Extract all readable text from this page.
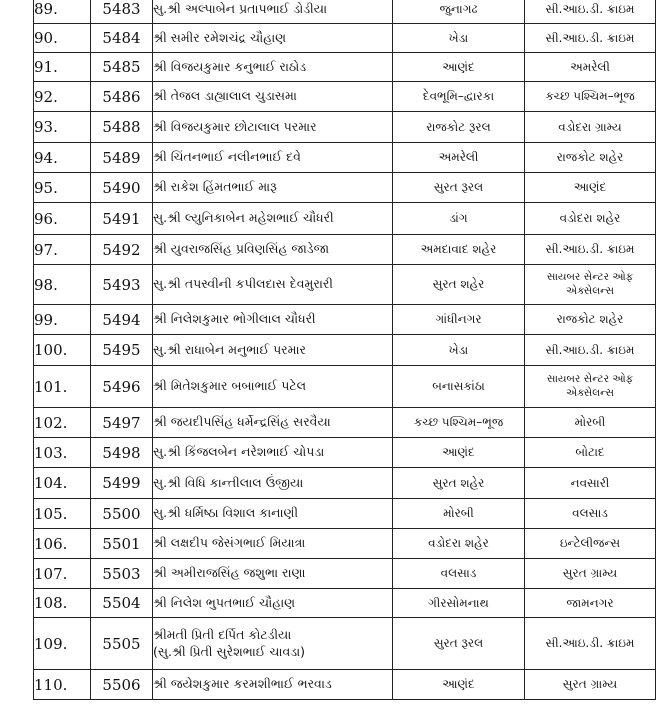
89.	5483	સુ.શ્રી અલ્પાબેન પ્રતાપભાઈ ડોડીયા	જુનાગઢ	સી.આઇ.ડી. ક્રાઇમ
90.	5484	શ્રી સમીર રમેશચંદ્ર ચૌહાણ	ખેડા	સી.આઇ.ડી. ક્રાઇમ
91.	5485	શ્રી વિજયકુમાર કનુભાઈ રાઠોડ	આણંદ	અમરેલી
92.	5486	શ્રી તેજલ ડાહ્યાલાલ ચુડાસમા	દેવભૂમિ–દ્વારકા	કચ્છ પશ્ચિમ–ભૂજ
93.	5488	શ્રી વિજયકુમાર છોટાલાલ પરમાર	રાજકોટ રૂરલ	વડોદરા ગ્રામ્ય
94.	5489	શ્રી ચિંતનભાઈ નલીનભાઈ દવે	અમરેલી	રાજકોટ શહેર
95.	5490	શ્રી રાકેશ હિંમતભાઈ મારૂ	સુરત રૂરલ	આણંદ
96.	5491	સુ.શ્રી લ્યુનિકાબેન મહેશભાઈ ચૌધરી	ડાંગ	વડોદરા શહેર
97.	5492	શ્રી યુવરાજસિંહ પ્રવિણસિંહ જાડેજા	અમદાવાદ શહેર	સી.આઇ.ડી. ક્રાઇમ
98.	5493	સુ.શ્રી તપસ્વીની કપીલદાસ દેવમુરારી	સુરત શહેર	સાયબર સેન્ટર ઓફ
એક્સેલન્સ

99.	5494	શ્રી નિલેશકુમાર ભોગીલાલ ચૌધરી	ગાંધીનગર	રાજકોટ શહેર
100.	5495	સુ.શ્રી રાધાબેન મનુભાઈ પરમાર	ખેડા	સી.આઇ.ડી. ક્રાઇમ
101.	5496	શ્રી મિતેશકુમાર બબાભાઈ પટેલ	બનાસકાંઠા	સાયબર સેન્ટર ઓફ
એક્સેલન્સ

102.	5497	શ્રી જયદીપસિંહ ધર્મેન્દ્રસિંહ સરવૈયા	કચ્છ પશ્ચિમ–ભૂજ	મોરબી
103.	5498	સુ.શ્રી કિંજલબેન નરેશભાઈ ચોપડા	આણંદ	બોટાદ
104.	5499	સુ.શ્રી વિધિ કાન્તીલાલ ઉંજીયા	સુરત શહેર	નવસારી
105.	5500	સુ.શ્રી ધર્મિષ્ઠા વિશાલ કાનાણી	મોરબી	વલસાડ
106.	5501	શ્રી લક્ષદીપ જેસંગભાઈ મિયાત્રા	વડોદરા શહેર	ઇન્ટેલીજન્સ
107.	5503	શ્રી અમીરાજસિંહ જશુભા રાણા	વલસાડ	સુરત ગ્રામ્ય
108.	5504	શ્રી નિલેશ ભુપતભાઈ ચૌહાણ	ગીરસોમનાથ	જામનગર
109.	5505	શ્રીમતી પ્રિતી દર્પિત કોટડીયા
(સુ.શ્રી પ્રિતી સુરેશભાઈ ચાવડા)	સુરત રૂરલ	સી.આઇ.ડી. ક્રાઇમ
110.	5506	શ્રી જયેશકુમાર કરમશીભાઈ ભરવાડ	આણંદ	સુરત ગ્રામ્ય
